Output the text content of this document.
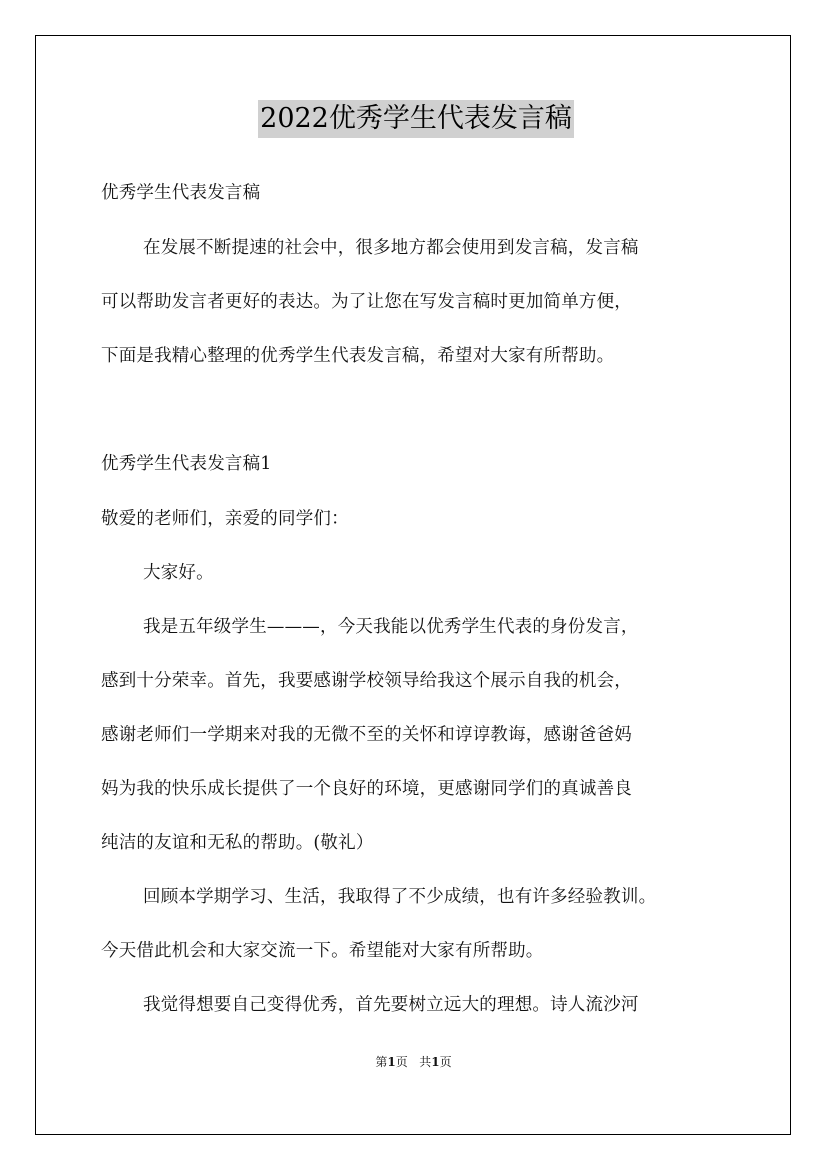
2022优秀学生代表发言稿
优秀学生代表发言稿
在发展不断提速的社会中，很多地方都会使用到发言稿，发言稿
可以帮助发言者更好的表达。为了让您在写发言稿时更加简单方便，
下面是我精心整理的优秀学生代表发言稿，希望对大家有所帮助。
优秀学生代表发言稿1
敬爱的老师们，亲爱的同学们：
大家好。
我是五年级学生———，今天我能以优秀学生代表的身份发言，
感到十分荣幸。首先，我要感谢学校领导给我这个展示自我的机会，
感谢老师们一学期来对我的无微不至的关怀和谆谆教诲，感谢爸爸妈
妈为我的快乐成长提供了一个良好的环境，更感谢同学们的真诚善良
纯洁的友谊和无私的帮助。(敬礼）
回顾本学期学习、生活，我取得了不少成绩，也有许多经验教训。
今天借此机会和大家交流一下。希望能对大家有所帮助。
我觉得想要自己变得优秀，首先要树立远大的理想。诗人流沙河
第1页 共1页
